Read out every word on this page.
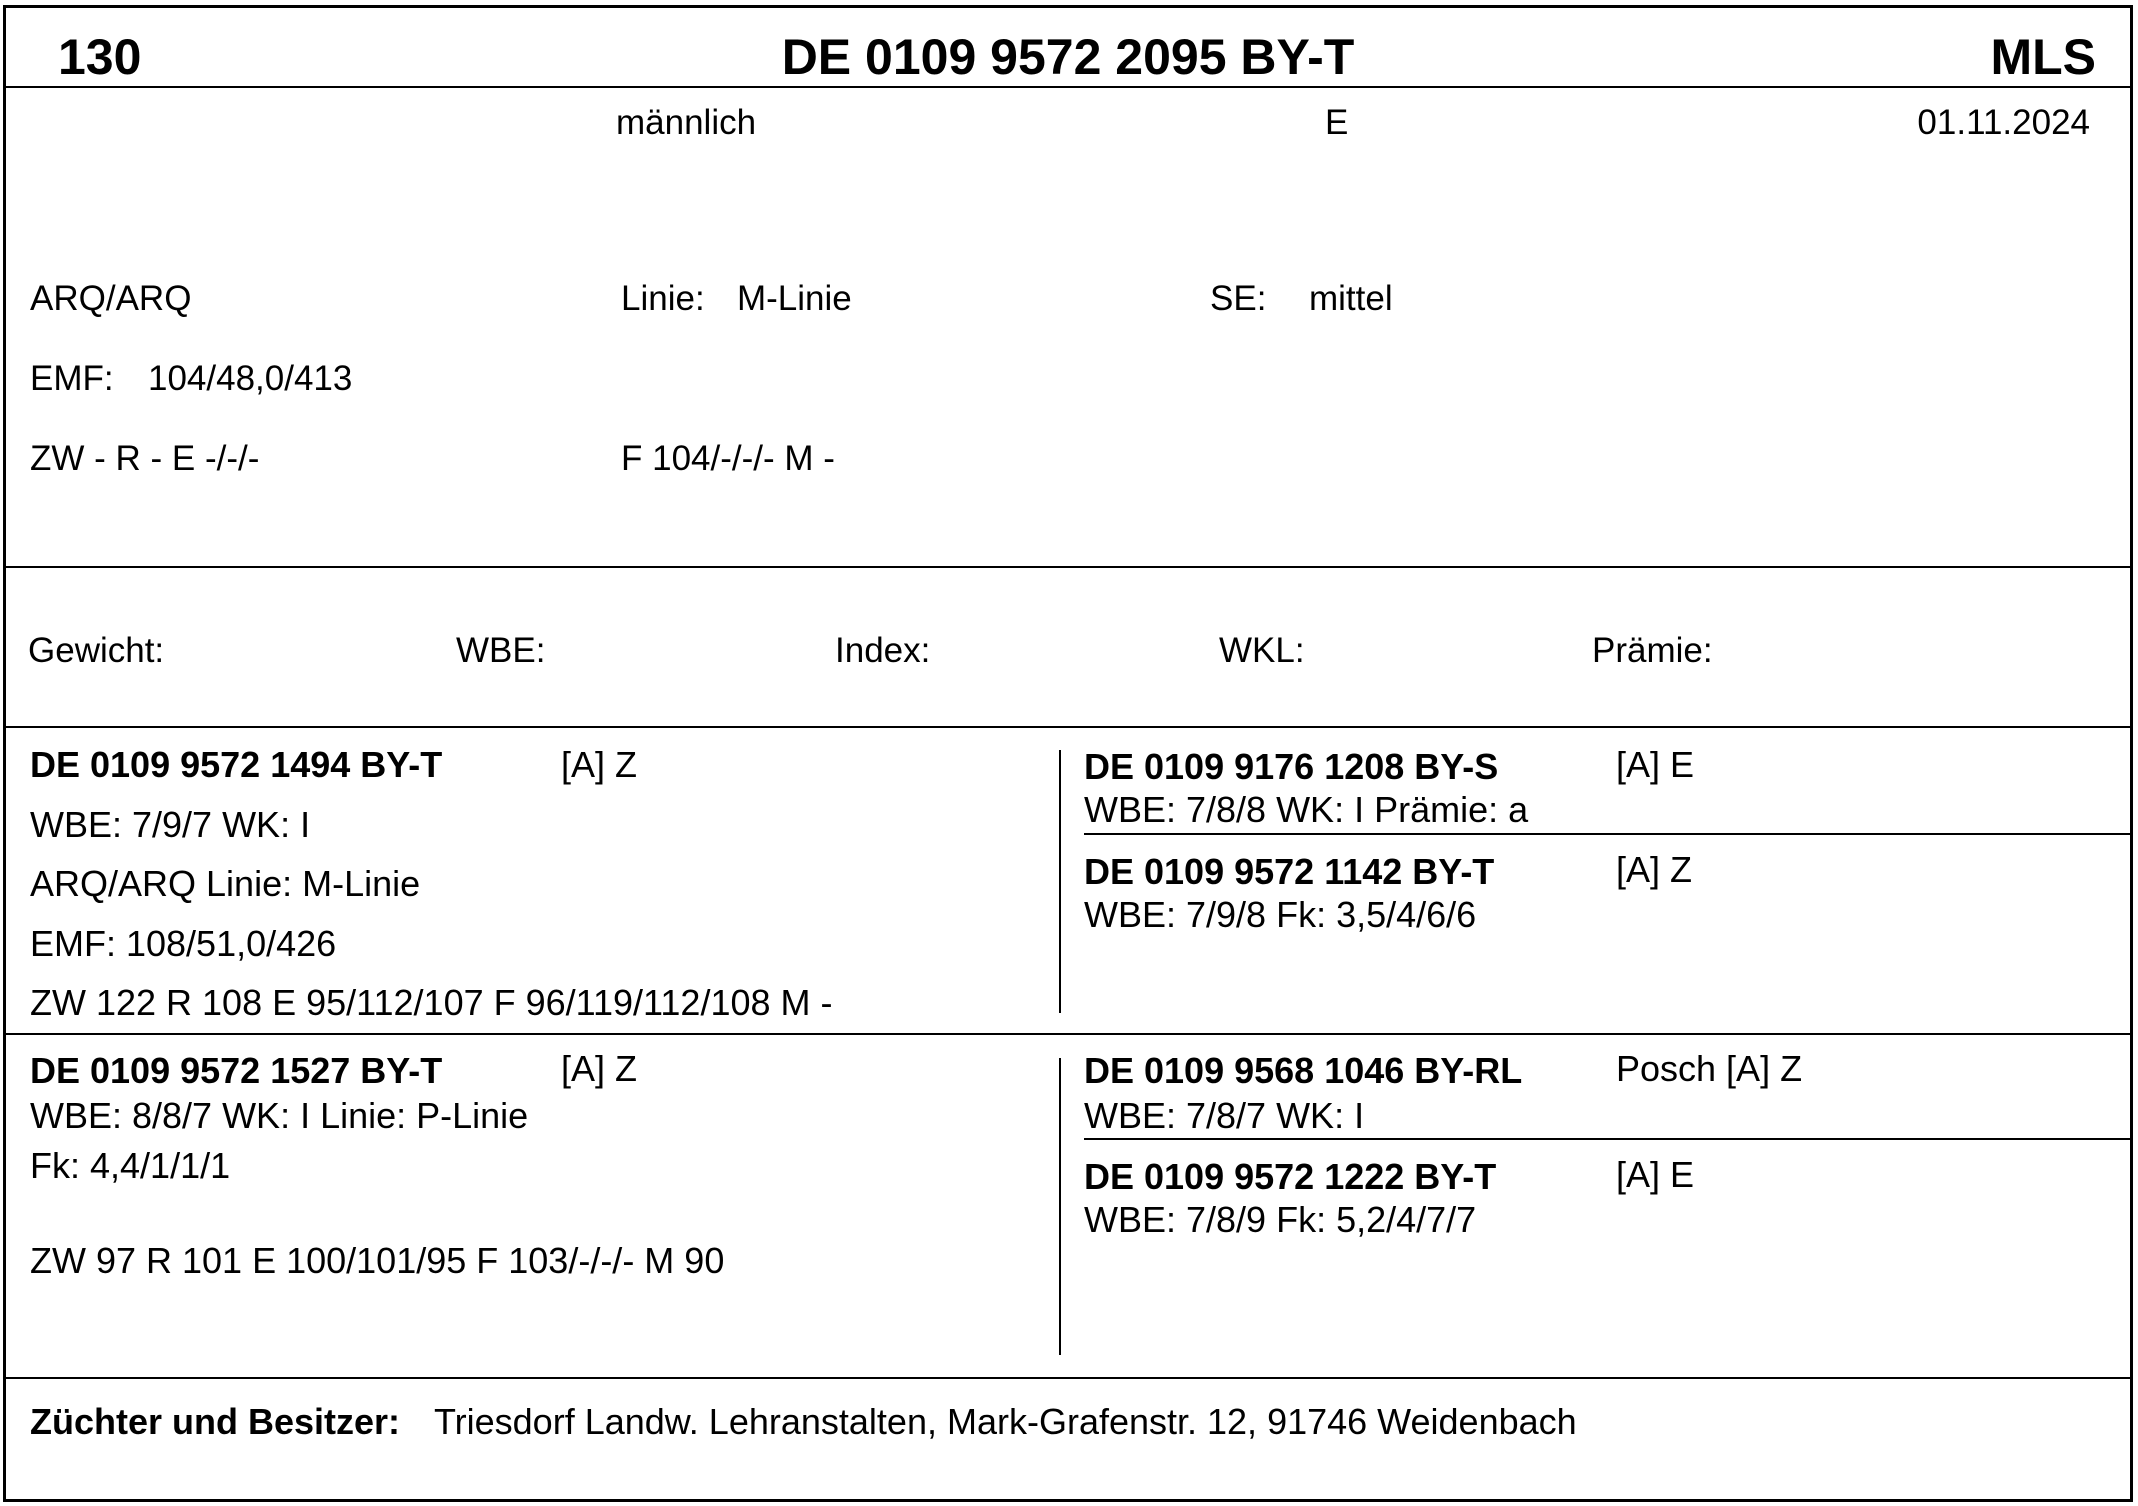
130	DE 0109 9572 2095 BY-T	MLS
männlich	E	01.11.2024
ARQ/ARQ	Linie: M-Linie	SE: mittel
EMF: 104/48,0/413
ZW - R - E -/-/-	F 104/-/-/- M -
Gewicht:	WBE:	Index:	WKL:	Prämie:
DE 0109 9572 1494 BY-T	[A] Z
WBE: 7/9/7 WK: I
ARQ/ARQ Linie: M-Linie
EMF: 108/51,0/426
ZW 122 R 108 E 95/112/107 F 96/119/112/108 M -
DE 0109 9176 1208 BY-S	[A] E
WBE: 7/8/8 WK: I Prämie: a
DE 0109 9572 1142 BY-T	[A] Z
WBE: 7/9/8 Fk: 3,5/4/6/6
DE 0109 9572 1527 BY-T	[A] Z
WBE: 8/8/7 WK: I Linie: P-Linie
Fk: 4,4/1/1/1
ZW 97 R 101 E 100/101/95 F 103/-/-/- M 90
DE 0109 9568 1046 BY-RL	Posch [A] Z
WBE: 7/8/7 WK: I
DE 0109 9572 1222 BY-T	[A] E
WBE: 7/8/9 Fk: 5,2/4/7/7
Züchter und Besitzer: Triesdorf Landw. Lehranstalten, Mark-Grafenstr. 12, 91746 Weidenbach
